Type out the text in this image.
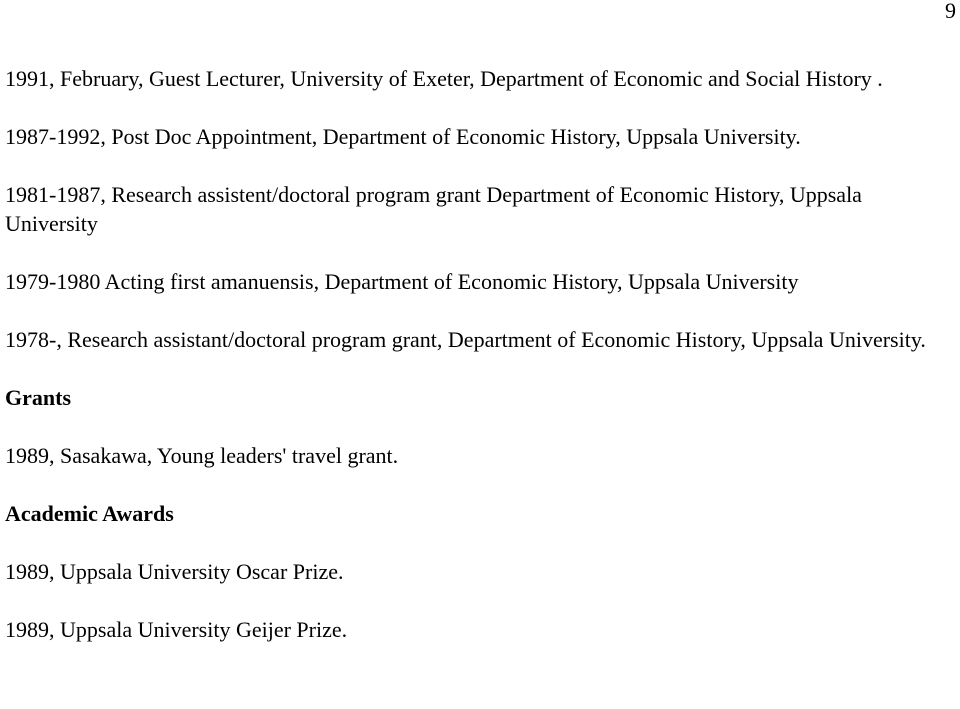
9

1991, February, Guest Lecturer, University of Exeter, Department of Economic and Social History .

1987-1992, Post Doc Appointment, Department of Economic History, Uppsala University.

1981-1987, Research assistent/doctoral program grant Department of Economic History, Uppsala University

1979-1980 Acting first amanuensis, Department of Economic History, Uppsala University

1978-, Research assistant/doctoral program grant, Department of Economic History, Uppsala University.

Grants

1989, Sasakawa, Young leaders' travel grant.

Academic Awards

1989, Uppsala University Oscar Prize.

1989, Uppsala University Geijer Prize.
